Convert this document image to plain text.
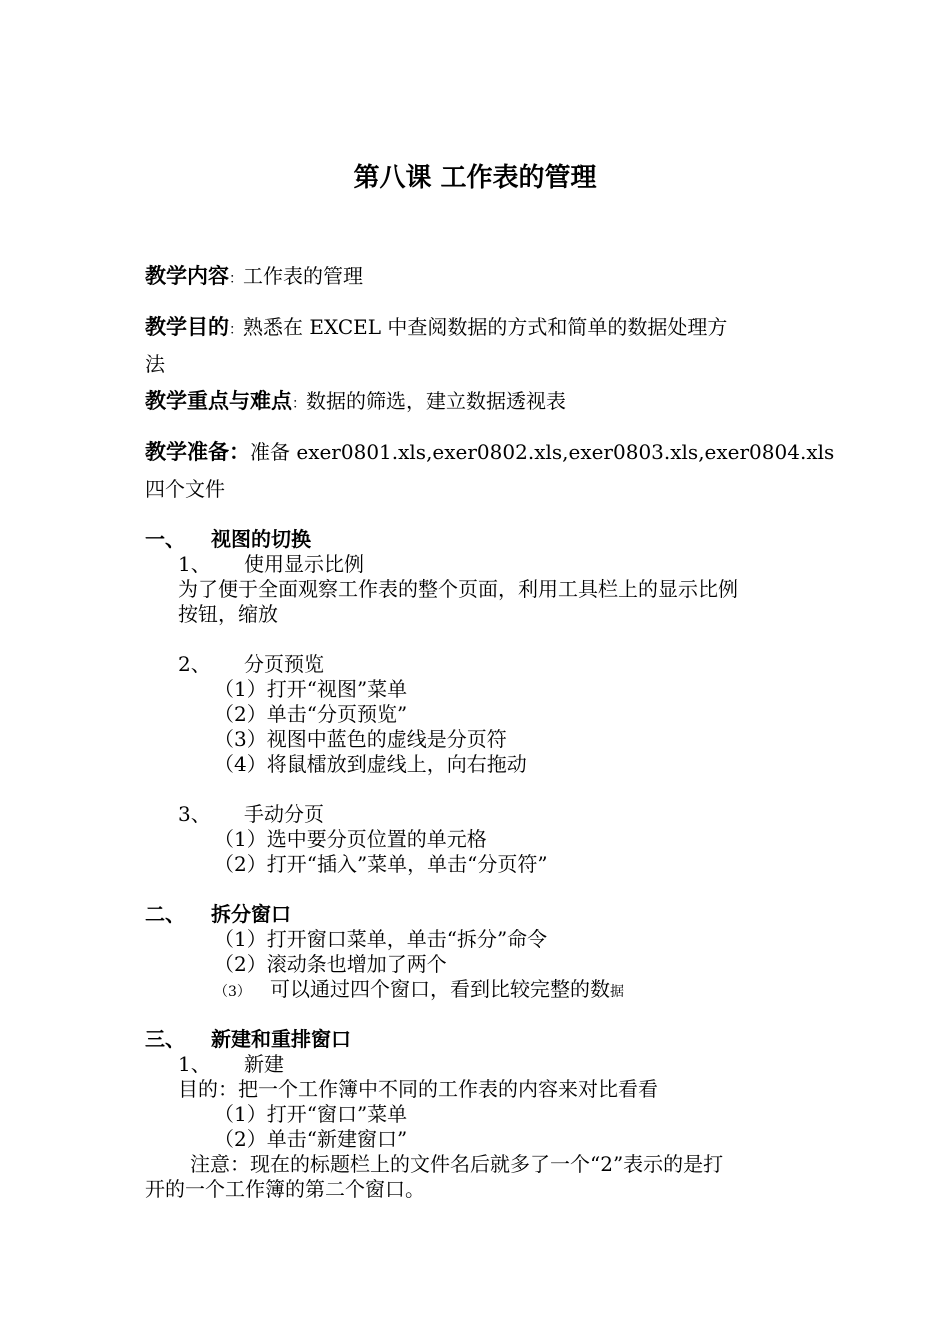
第八课 工作表的管理
教学内容：工作表的管理
教学目的：熟悉在 EXCEL 中查阅数据的方式和简单的数据处理方
法
教学重点与难点：数据的筛选，建立数据透视表
教学准备：准备 exer0801.xls,exer0802.xls,exer0803.xls,exer0804.xls
四个文件
一、 视图的切换
1、 使用显示比例
为了便于全面观察工作表的整个页面，利用工具栏上的显示比例
按钮，缩放
2、 分页预览
（1）打开“视图”菜单
（2）单击“分页预览”
（3）视图中蓝色的虚线是分页符
（4）将鼠檑放到虚线上，向右拖动
3、 手动分页
（1）选中要分页位置的单元格
（2）打开“插入”菜单，单击“分页符”
二、 拆分窗口
（1）打开窗口菜单，单击“拆分”命令
（2）滚动条也增加了两个
（3） 可以通过四个窗口，看到比较完整的数据
三、 新建和重排窗口
1、 新建
目的：把一个工作簿中不同的工作表的内容来对比看看
（1）打开“窗口”菜单
（2）单击“新建窗口”
注意：现在的标题栏上的文件名后就多了一个“2”表示的是打
开的一个工作簿的第二个窗口。
